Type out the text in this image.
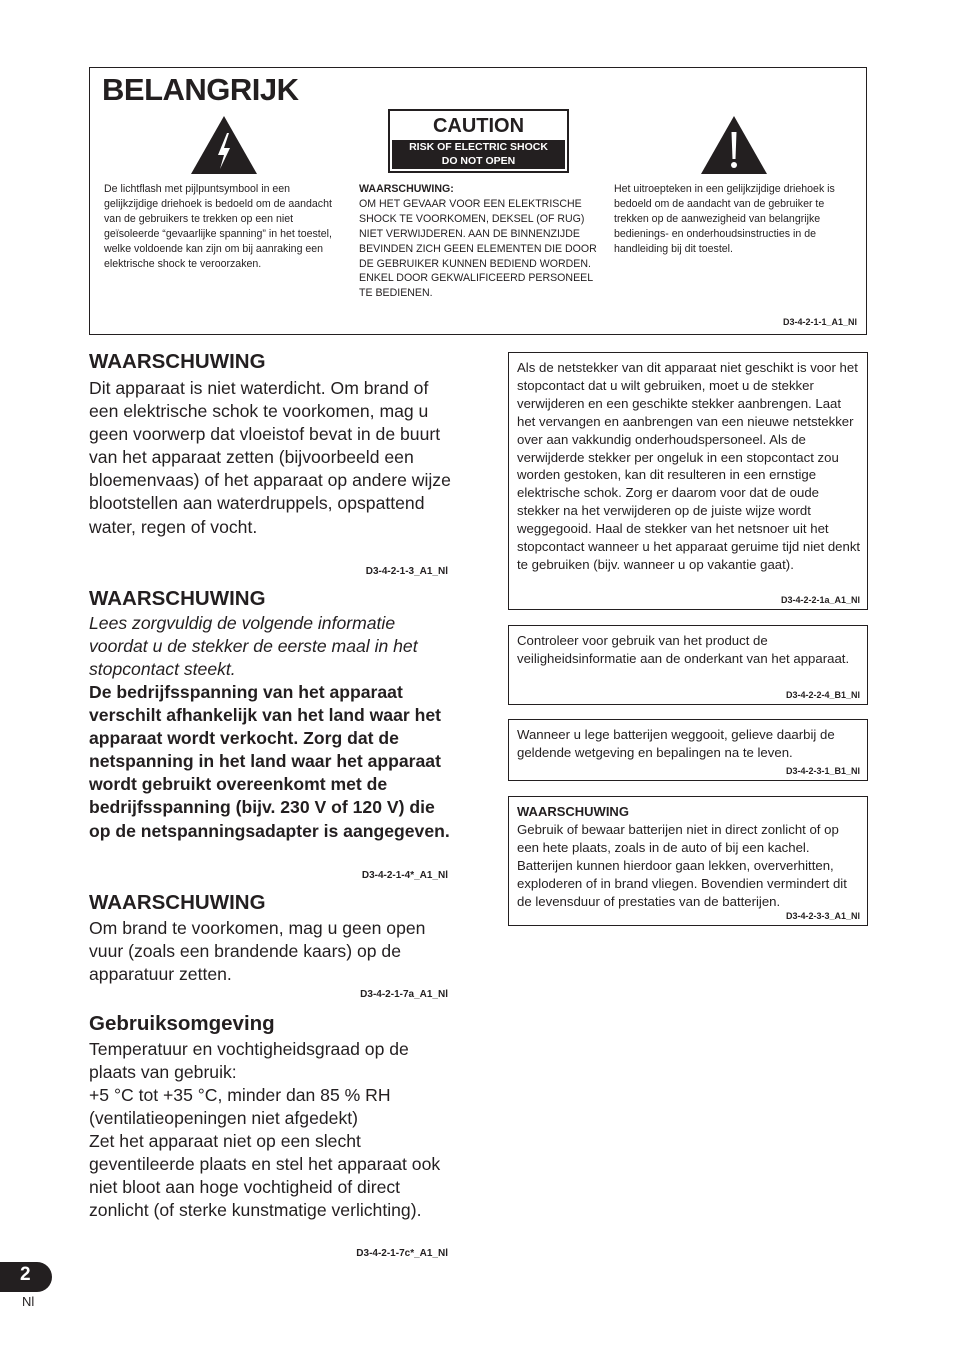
BELANGRIJK
CAUTION
RISK OF ELECTRIC SHOCK
DO NOT OPEN
De lichtflash met pijlpuntsymbool in een gelijkzijdige driehoek is bedoeld om de aandacht van de gebruikers te trekken op een niet geïsoleerde “gevaarlijke spanning” in het toestel, welke voldoende kan zijn om bij aanraking een elektrische shock te veroorzaken.
WAARSCHUWING:
OM HET GEVAAR VOOR EEN ELEKTRISCHE SHOCK TE VOORKOMEN, DEKSEL (OF RUG) NIET VERWIJDEREN. AAN DE BINNENZIJDE BEVINDEN ZICH GEEN ELEMENTEN DIE DOOR DE GEBRUIKER KUNNEN BEDIEND WORDEN. ENKEL DOOR GEKWALIFICEERD PERSONEEL TE BEDIENEN.
Het uitroepteken in een gelijkzijdige driehoek is bedoeld om de aandacht van de gebruiker te trekken op de aanwezigheid van belangrijke bedienings- en onderhoudsinstructies in de handleiding bij dit toestel.
D3-4-2-1-1_A1_Nl
WAARSCHUWING

Dit apparaat is niet waterdicht. Om brand of een elektrische schok te voorkomen, mag u geen voorwerp dat vloeistof bevat in de buurt van het apparaat zetten (bijvoorbeeld een bloemenvaas) of het apparaat op andere wijze blootstellen aan waterdruppels, opspattend water, regen of vocht.

D3-4-2-1-3_A1_Nl
WAARSCHUWING

Lees zorgvuldig de volgende informatie voordat u de stekker de eerste maal in het stopcontact steekt.

De bedrijfsspanning van het apparaat verschilt afhankelijk van het land waar het apparaat wordt verkocht. Zorg dat de netspanning in het land waar het apparaat wordt gebruikt overeenkomt met de bedrijfsspanning (bijv. 230 V of 120 V) die op de netspanningsadapter is aangegeven.

D3-4-2-1-4*_A1_Nl
WAARSCHUWING

Om brand te voorkomen, mag u geen open vuur (zoals een brandende kaars) op de apparatuur zetten.

D3-4-2-1-7a_A1_Nl
Gebruiksomgeving

Temperatuur en vochtigheidsgraad op de plaats van gebruik:

+5 °C tot +35 °C, minder dan 85 % RH (ventilatieopeningen niet afgedekt)

Zet het apparaat niet op een slecht geventileerde plaats en stel het apparaat ook niet bloot aan hoge vochtigheid of direct zonlicht (of sterke kunstmatige verlichting).

D3-4-2-1-7c*_A1_Nl
Als de netstekker van dit apparaat niet geschikt is voor het stopcontact dat u wilt gebruiken, moet u de stekker verwijderen en een geschikte stekker aanbrengen. Laat het vervangen en aanbrengen van een nieuwe netstekker over aan vakkundig onderhoudspersoneel. Als de verwijderde stekker per ongeluk in een stopcontact zou worden gestoken, kan dit resulteren in een ernstige elektrische schok. Zorg er daarom voor dat de oude stekker na het verwijderen op de juiste wijze wordt weggegooid. Haal de stekker van het netsnoer uit het stopcontact wanneer u het apparaat geruime tijd niet denkt te gebruiken (bijv. wanneer u op vakantie gaat).
D3-4-2-2-1a_A1_Nl
Controleer voor gebruik van het product de veiligheidsinformatie aan de onderkant van het apparaat.
D3-4-2-2-4_B1_Nl
Wanneer u lege batterijen weggooit, gelieve daarbij de geldende wetgeving en bepalingen na te leven.
D3-4-2-3-1_B1_Nl
WAARSCHUWING
Gebruik of bewaar batterijen niet in direct zonlicht of op een hete plaats, zoals in de auto of bij een kachel. Batterijen kunnen hierdoor gaan lekken, oververhitten, exploderen of in brand vliegen. Bovendien vermindert dit de levensduur of prestaties van de batterijen.
D3-4-2-3-3_A1_Nl
2
Nl
